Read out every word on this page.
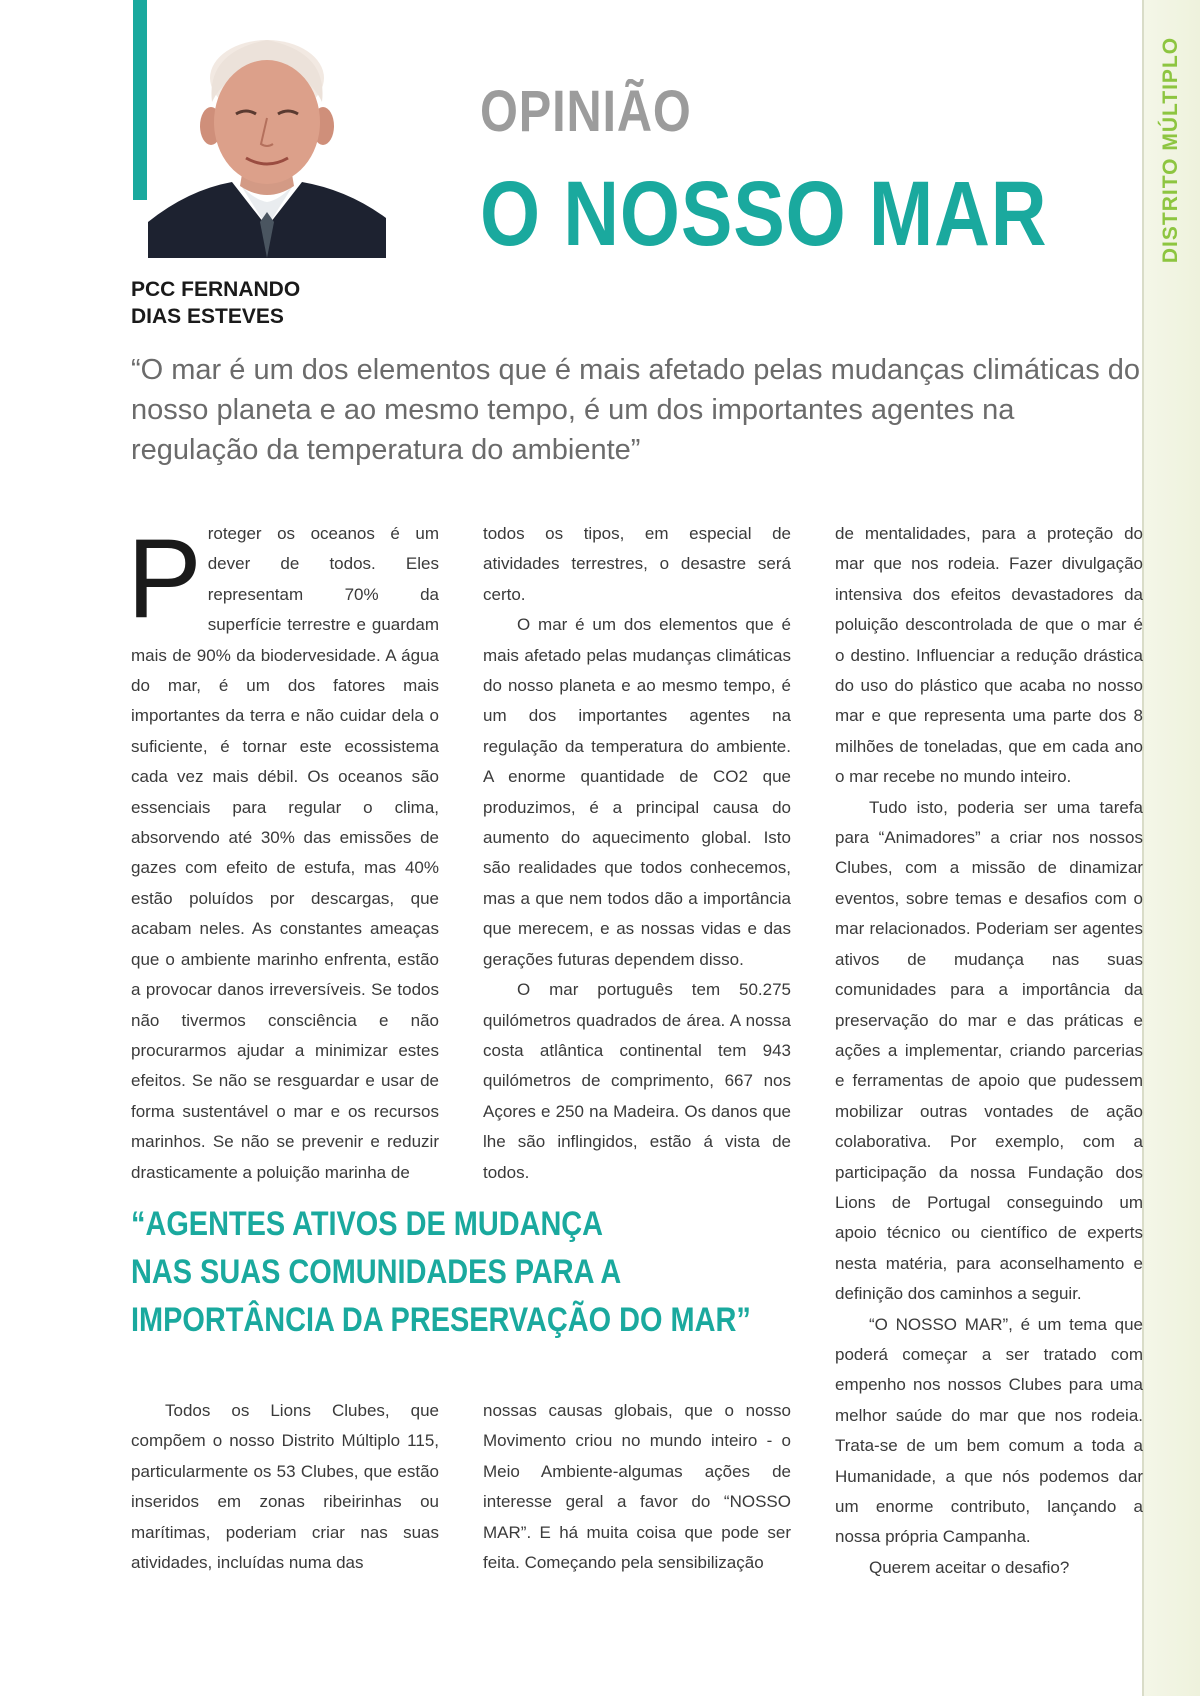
DISTRITO MÚLTIPLO
PCC FERNANDO
DIAS ESTEVES
OPINIÃO
O NOSSO MAR
“O mar é um dos elementos que é mais afetado pelas mudanças climáticas do nosso planeta e ao mesmo tempo, é um dos importantes agentes na regulação da temperatura do ambiente”

Proteger os oceanos é um dever de todos. Eles representam 70% da superfície terrestre e guardam mais de 90% da biodervesidade. A água do mar, é um dos fatores mais importantes da terra e não cuidar dela o suficiente, é tornar este ecossistema cada vez mais débil. Os oceanos são essenciais para regular o clima, absorvendo até 30% das emissões de gazes com efeito de estufa, mas 40% estão poluídos por descargas, que acabam neles. As constantes ameaças que o ambiente marinho enfrenta, estão a provocar danos irreversíveis. Se todos não tivermos consciência e não procurarmos ajudar a minimizar estes efeitos. Se não se resguardar e usar de forma sustentável o mar e os recursos marinhos. Se não se prevenir e reduzir drasticamente a poluição marinha de

todos os tipos, em especial de atividades terrestres, o desastre será certo.

O mar é um dos elementos que é mais afetado pelas mudanças climáticas do nosso planeta e ao mesmo tempo, é um dos importantes agentes na regulação da temperatura do ambiente. A enorme quantidade de CO2 que produzimos, é a principal causa do aumento do aquecimento global. Isto são realidades que todos conhecemos, mas a que nem todos dão a importância que merecem, e as nossas vidas e das gerações futuras dependem disso.

O mar português tem 50.275 quilómetros quadrados de área. A nossa costa atlântica continental tem 943 quilómetros de comprimento, 667 nos Açores e 250 na Madeira. Os danos que lhe são inflingidos, estão á vista de todos.

de mentalidades, para a proteção do mar que nos rodeia. Fazer divulgação intensiva dos efeitos devastadores da poluição descontrolada de que o mar é o destino. Influenciar a redução drástica do uso do plástico que acaba no nosso mar e que representa uma parte dos 8 milhões de toneladas, que em cada ano o mar recebe no mundo inteiro.

Tudo isto, poderia ser uma tarefa para “Animadores” a criar nos nossos Clubes, com a missão de dinamizar eventos, sobre temas e desafios com o mar relacionados. Poderiam ser agentes ativos de mudança nas suas comunidades para a importância da preservação do mar e das práticas e ações a implementar, criando parcerias e ferramentas de apoio que pudessem mobilizar outras vontades de ação colaborativa. Por exemplo, com a participação da nossa Fundação dos Lions de Portugal conseguindo um apoio técnico ou científico de experts nesta matéria, para aconselhamento e definição dos caminhos a seguir.

“O NOSSO MAR”, é um tema que poderá começar a ser tratado com empenho nos nossos Clubes para uma melhor saúde do mar que nos rodeia. Trata-se de um bem comum a toda a Humanidade, a que nós podemos dar um enorme contributo, lançando a nossa própria Campanha.

Querem aceitar o desafio?

“AGENTES ATIVOS DE MUDANÇA
NAS SUAS COMUNIDADES PARA A
IMPORTÂNCIA DA PRESERVAÇÃO DO MAR”

Todos os Lions Clubes, que compõem o nosso Distrito Múltiplo 115, particularmente os 53 Clubes, que estão inseridos em zonas ribeirinhas ou marítimas, poderiam criar nas suas atividades, incluídas numa das

nossas causas globais, que o nosso Movimento criou no mundo inteiro - o Meio Ambiente-algumas ações de interesse geral a favor do “NOSSO MAR”. E há muita coisa que pode ser feita. Começando pela sensibilização
